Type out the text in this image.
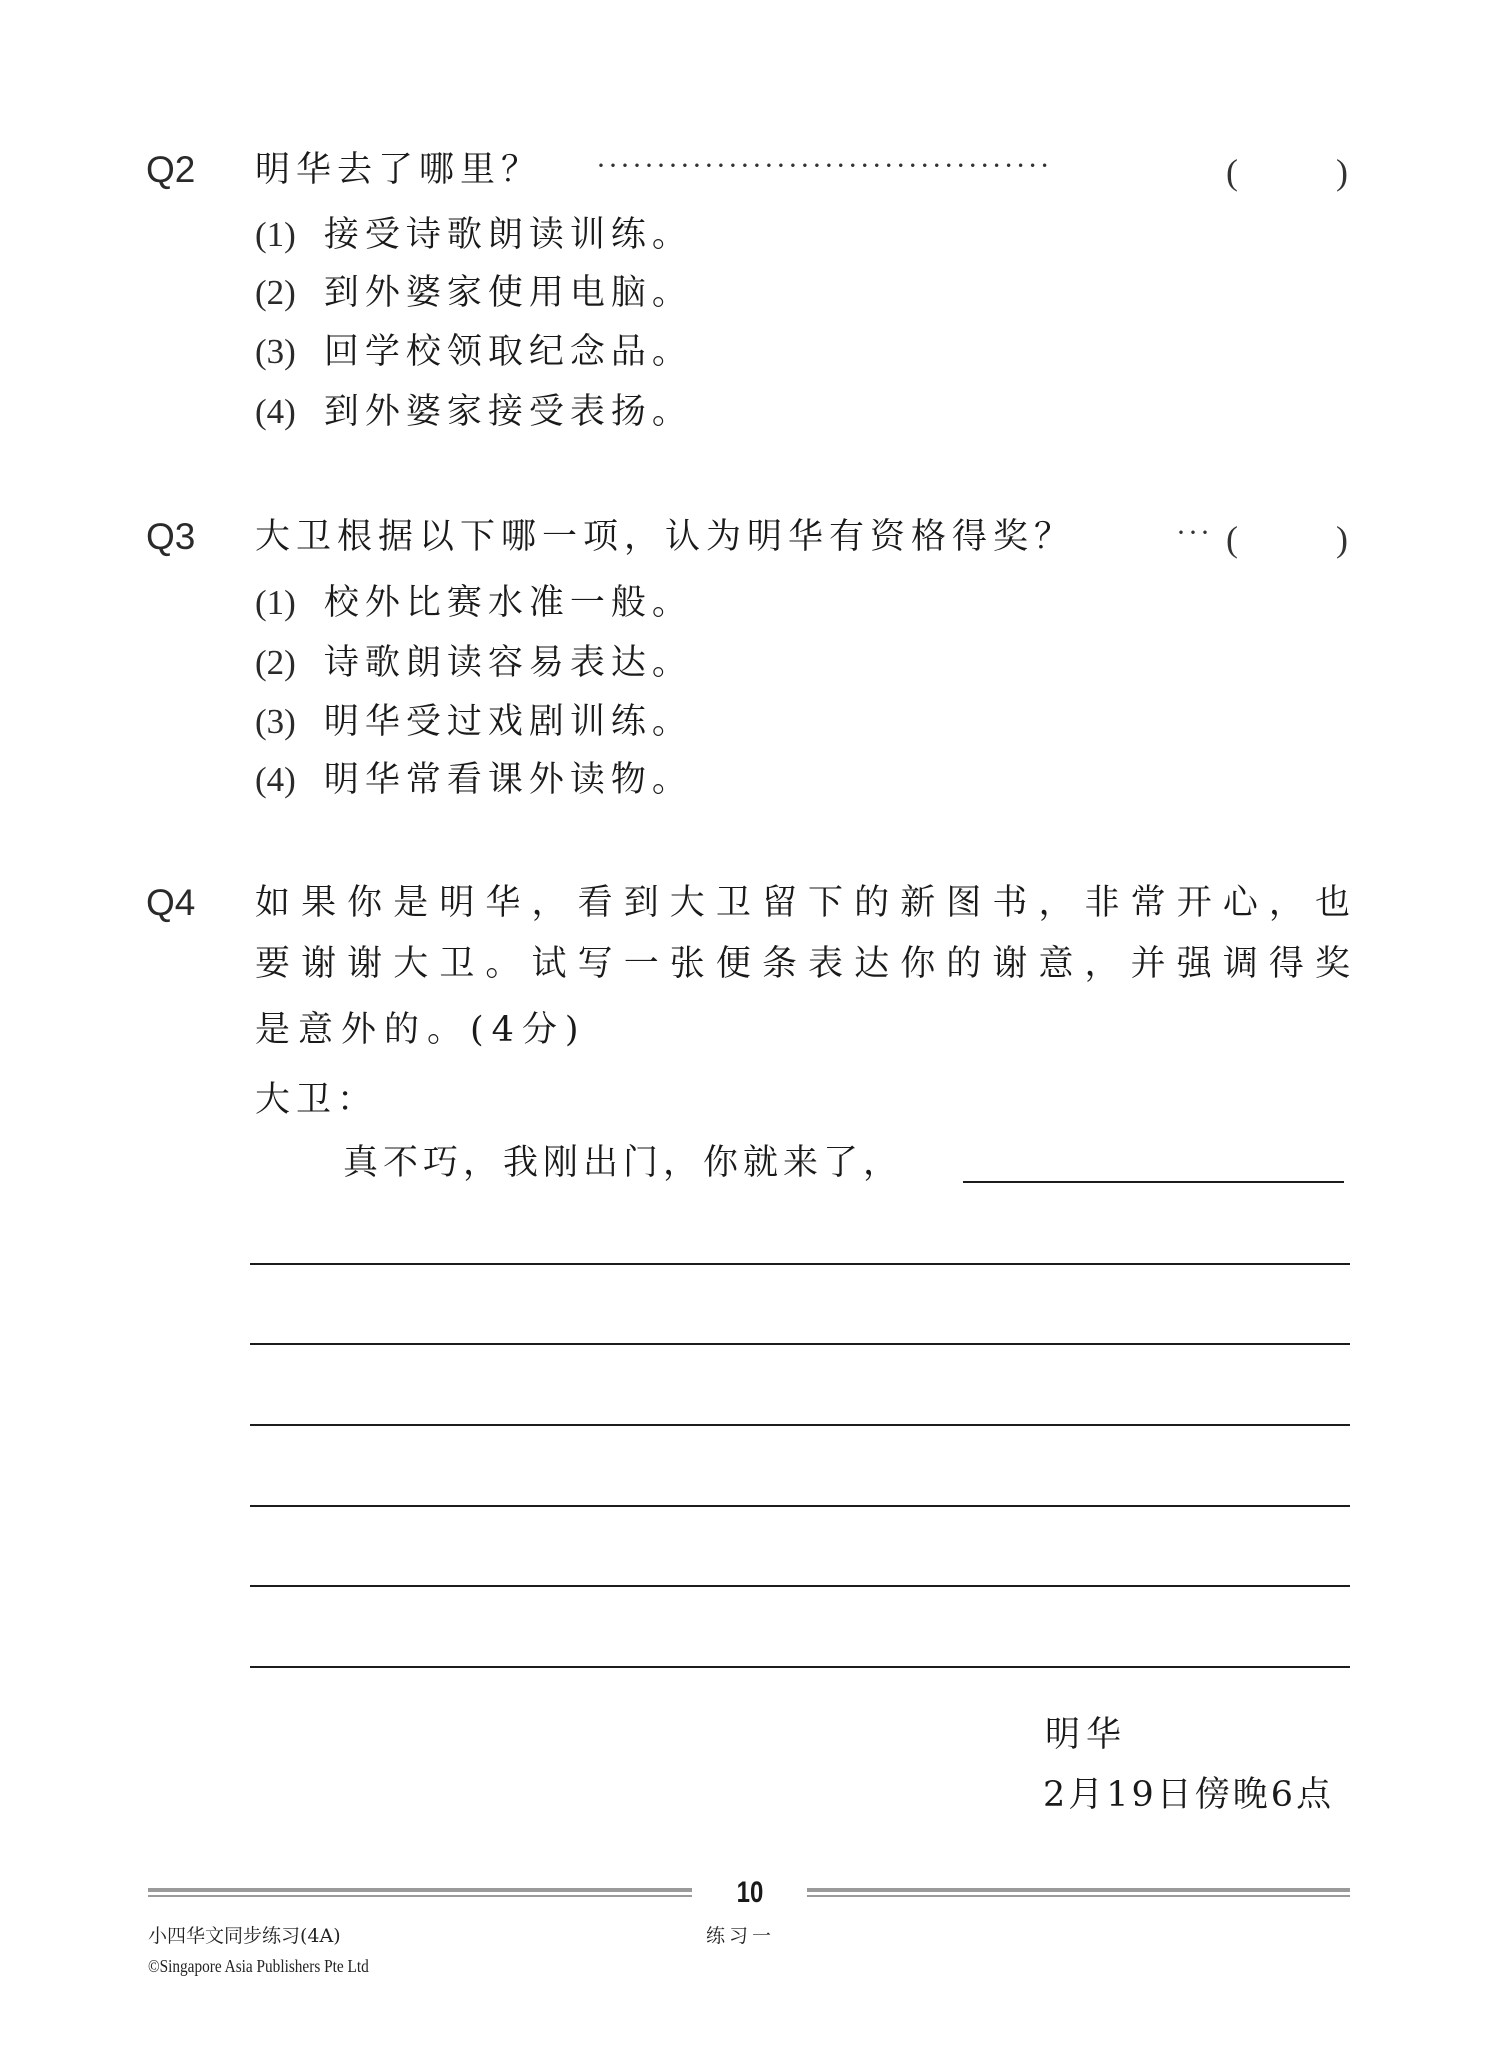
Q2 明华去了哪里？ ······································	(	)
(1) 接受诗歌朗读训练。
(2) 到外婆家使用电脑。
(3) 回学校领取纪念品。
(4) 到外婆家接受表扬。
Q3 大卫根据以下哪一项，认为明华有资格得奖？	··· (	)
(1) 校外比赛水准一般。
(2) 诗歌朗读容易表达。
(3) 明华受过戏剧训练。
(4) 明华常看课外读物。
Q4 如果你是明华，看到大卫留下的新图书，非常开心，也
要谢谢大卫。试写一张便条表达你的谢意，并强调得奖
是意外的。(4分)
大卫：
真不巧，我刚出门，你就来了，
明华
2月19日傍晚6点
10
小四华文同步练习(4A)	练习一
©Singapore Asia Publishers Pte Ltd
